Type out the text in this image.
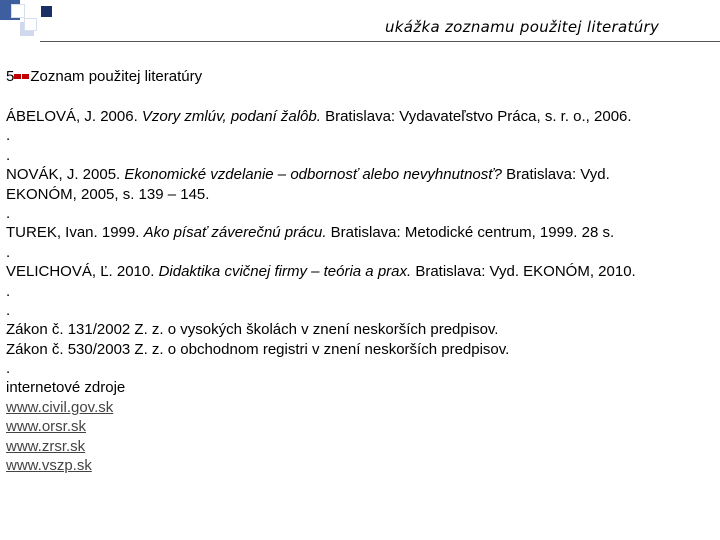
ukážka zoznamu použitej literatúry
5 Zoznam použitej literatúry
ÁBELOVÁ, J. 2006. Vzory zmlúv, podaní žalôb. Bratislava: Vydavateľstvo Práca, s. r. o., 2006.
.
.
NOVÁK, J. 2005. Ekonomické vzdelanie – odbornosť alebo nevyhnutnosť? Bratislava: Vyd.
EKONÓM, 2005, s. 139 – 145.
.
TUREK, Ivan. 1999. Ako písať záverečnú prácu. Bratislava: Metodické centrum, 1999. 28 s.
.
VELICHOVÁ, Ľ. 2010. Didaktika cvičnej firmy – teória a prax. Bratislava: Vyd. EKONÓM, 2010.
.
.
Zákon č. 131/2002 Z. z. o vysokých školách v znení neskorších predpisov.
Zákon č. 530/2003 Z. z. o obchodnom registri v znení neskorších predpisov.
.
internetové zdroje
www.civil.gov.sk
www.orsr.sk
www.zrsr.sk
www.vszp.sk
